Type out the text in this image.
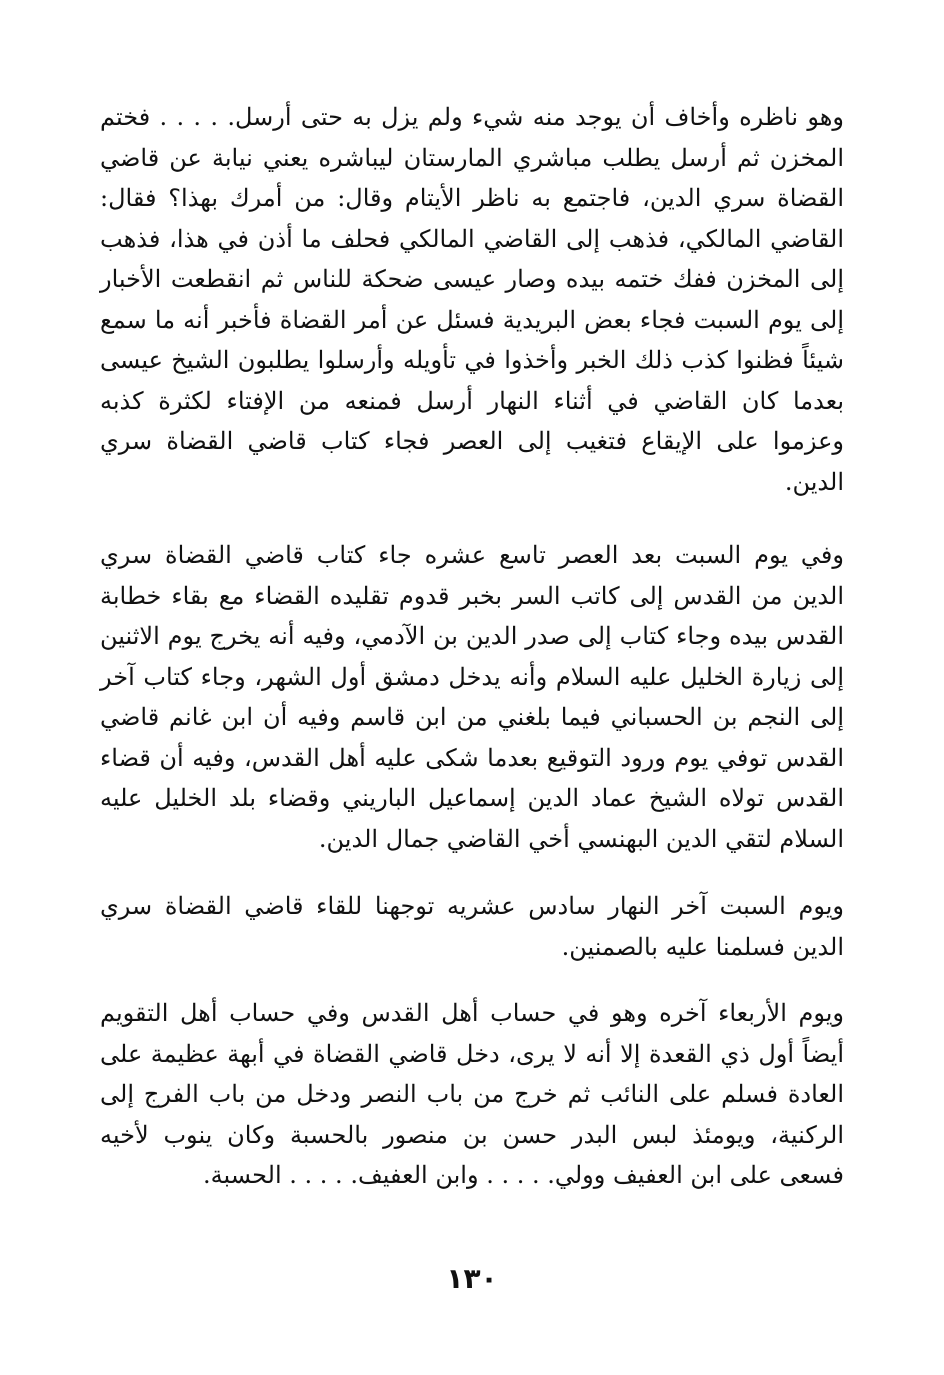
وهو ناظره وأخاف أن يوجد منه شيء ولم يزل به حتى أرسل. . . . . فختم المخزن ثم أرسل يطلب مباشري المارستان ليباشره يعني نيابة عن قاضي القضاة سري الدين، فاجتمع به ناظر الأيتام وقال: من أمرك بهذا؟ فقال: القاضي المالكي، فذهب إلى القاضي المالكي فحلف ما أذن في هذا، فذهب إلى المخزن ففك ختمه بيده وصار عيسى ضحكة للناس ثم انقطعت الأخبار إلى يوم السبت فجاء بعض البريدية فسئل عن أمر القضاة فأخبر أنه ما سمع شيئاً فظنوا كذب ذلك الخبر وأخذوا في تأويله وأرسلوا يطلبون الشيخ عيسى بعدما كان القاضي في أثناء النهار أرسل فمنعه من الإفتاء لكثرة كذبه وعزموا على الإيقاع فتغيب إلى العصر فجاء كتاب قاضي القضاة سري الدين.

وفي يوم السبت بعد العصر تاسع عشره جاء كتاب قاضي القضاة سري الدين من القدس إلى كاتب السر بخبر قدوم تقليده القضاء مع بقاء خطابة القدس بيده وجاء كتاب إلى صدر الدين بن الآدمي، وفيه أنه يخرج يوم الاثنين إلى زيارة الخليل عليه السلام وأنه يدخل دمشق أول الشهر، وجاء كتاب آخر إلى النجم بن الحسباني فيما بلغني من ابن قاسم وفيه أن ابن غانم قاضي القدس توفي يوم ورود التوقيع بعدما شكى عليه أهل القدس، وفيه أن قضاء القدس تولاه الشيخ عماد الدين إسماعيل الباريني وقضاء بلد الخليل عليه السلام لتقي الدين البهنسي أخي القاضي جمال الدين.

ويوم السبت آخر النهار سادس عشريه توجهنا للقاء قاضي القضاة سري الدين فسلمنا عليه بالصمنين.

ويوم الأربعاء آخره وهو في حساب أهل القدس وفي حساب أهل التقويم أيضاً أول ذي القعدة إلا أنه لا يرى، دخل قاضي القضاة في أبهة عظيمة على العادة فسلم على النائب ثم خرج من باب النصر ودخل من باب الفرج إلى الركنية، ويومئذ لبس البدر حسن بن منصور بالحسبة وكان ينوب لأخيه فسعى على ابن العفيف وولي. . . . . وابن العفيف. . . . . الحسبة.

١٣٠
